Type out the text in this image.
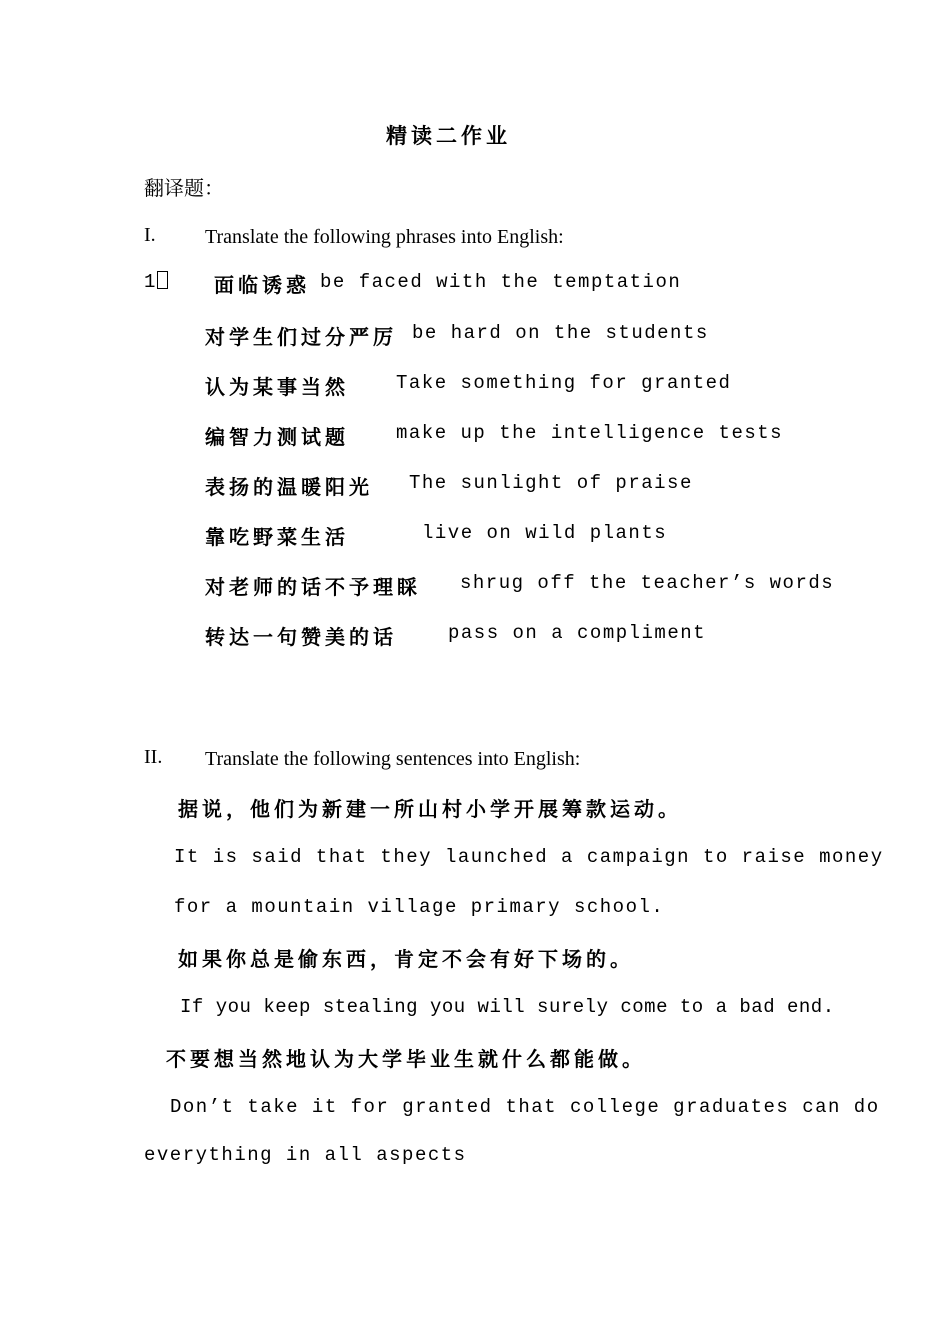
精读二作业
翻译题：
I. Translate the following phrases into English:
1	面临诱惑 be faced with the temptation
对学生们过分严厉 be hard on the students
认为某事当然 Take something for granted
编智力测试题 make up the intelligence tests
表扬的温暖阳光 The sunlight of praise
靠吃野菜生活	live on wild plants
对老师的话不予理睬 shrug off the teacher’s words
转达一句赞美的话	pass on a compliment
II. Translate the following sentences into English:
据说，他们为新建一所山村小学开展筹款运动。
It is said that they launched a campaign to raise money
for a mountain village primary school.
如果你总是偷东西，肯定不会有好下场的。
If you keep stealing you will surely come to a bad end.
不要想当然地认为大学毕业生就什么都能做。
Don’t take it for granted that college graduates can do
everything in all aspects
